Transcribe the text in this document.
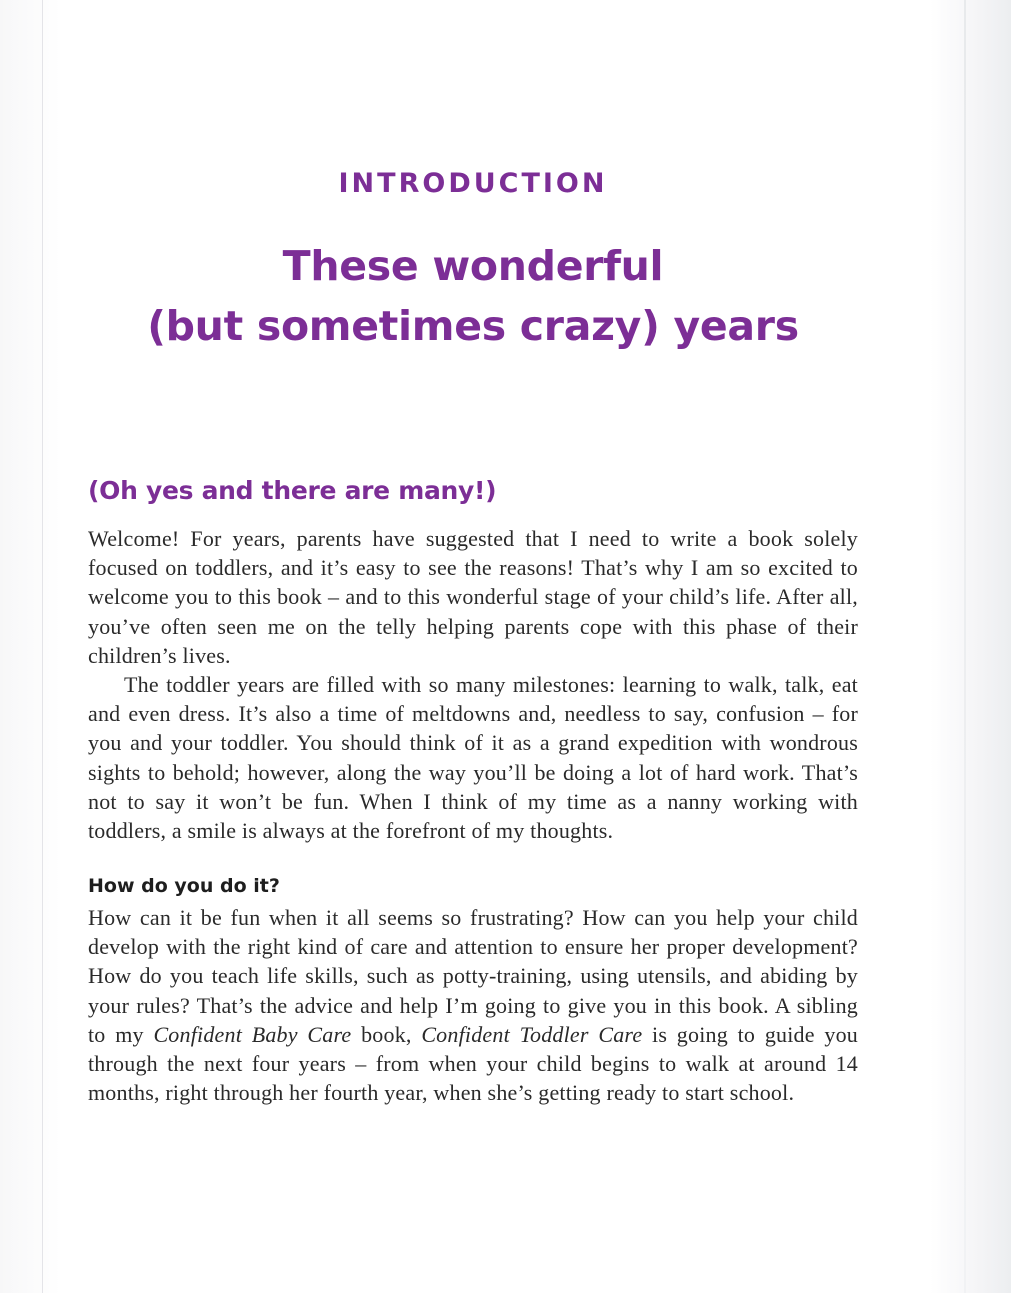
INTRODUCTION
These wonderful
(but sometimes crazy) years
(Oh yes and there are many!)

Welcome! For years, parents have suggested that I need to write a book solely focused on toddlers, and it’s easy to see the reasons! That’s why I am so excited to welcome you to this book – and to this wonderful stage of your child’s life. After all, you’ve often seen me on the telly helping parents cope with this phase of their children’s lives.

The toddler years are filled with so many milestones: learning to walk, talk, eat and even dress. It’s also a time of meltdowns and, needless to say, confusion – for you and your toddler. You should think of it as a grand expedition with wondrous sights to behold; however, along the way you’ll be doing a lot of hard work. That’s not to say it won’t be fun. When I think of my time as a nanny working with toddlers, a smile is always at the forefront of my thoughts.

How do you do it?

How can it be fun when it all seems so frustrating? How can you help your child develop with the right kind of care and attention to ensure her proper development? How do you teach life skills, such as potty-training, using utensils, and abiding by your rules? That’s the advice and help I’m going to give you in this book. A sibling to my Confident Baby Care book, Confident Toddler Care is going to guide you through the next four years – from when your child begins to walk at around 14 months, right through her fourth year, when she’s getting ready to start school.
